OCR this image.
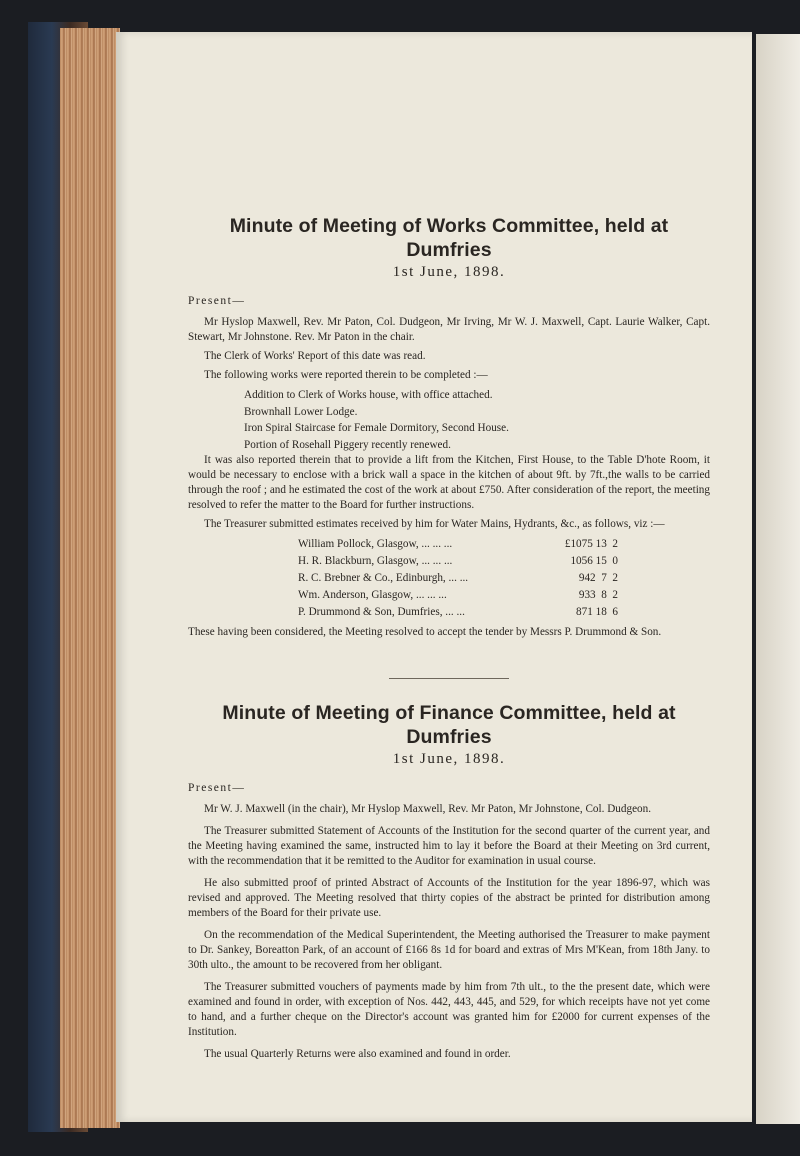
Minute of Meeting of Works Committee, held at Dumfries
1st June, 1898.
Present—

Mr Hyslop Maxwell, Rev. Mr Paton, Col. Dudgeon, Mr Irving, Mr W. J. Maxwell, Capt. Laurie Walker, Capt. Stewart, Mr Johnstone. Rev. Mr Paton in the chair.

The Clerk of Works' Report of this date was read.

The following works were reported therein to be completed :—

Addition to Clerk of Works house, with office attached.
Brownhall Lower Lodge.
Iron Spiral Staircase for Female Dormitory, Second House.
Portion of Rosehall Piggery recently renewed.

It was also reported therein that to provide a lift from the Kitchen, First House, to the Table D'hote Room, it would be necessary to enclose with a brick wall a space in the kitchen of about 9ft. by 7ft.,the walls to be carried through the roof ; and he estimated the cost of the work at about £750. After consideration of the report, the meeting resolved to refer the matter to the Board for further instructions.

The Treasurer submitted estimates received by him for Water Mains, Hydrants, &c., as follows, viz :—

William Pollock, Glasgow, ... ... ...	£1075 13  2
H. R. Blackburn, Glasgow, ... ... ...	1056 15  0
R. C. Brebner & Co., Edinburgh, ... ...	942  7  2
Wm. Anderson, Glasgow, ... ... ...	933  8  2
P. Drummond & Son, Dumfries, ... ...	871 18  6

These having been considered, the Meeting resolved to accept the tender by Messrs P. Drummond & Son.

Minute of Meeting of Finance Committee, held at Dumfries
1st June, 1898.
Present—

Mr W. J. Maxwell (in the chair), Mr Hyslop Maxwell, Rev. Mr Paton, Mr Johnstone, Col. Dudgeon.

The Treasurer submitted Statement of Accounts of the Institution for the second quarter of the current year, and the Meeting having examined the same, instructed him to lay it before the Board at their Meeting on 3rd current, with the recommendation that it be remitted to the Auditor for examination in usual course.

He also submitted proof of printed Abstract of Accounts of the Institution for the year 1896-97, which was revised and approved. The Meeting resolved that thirty copies of the abstract be printed for distribution among members of the Board for their private use.

On the recommendation of the Medical Superintendent, the Meeting authorised the Treasurer to make payment to Dr. Sankey, Boreatton Park, of an account of £166 8s 1d for board and extras of Mrs M'Kean, from 18th Jany. to 30th ulto., the amount to be recovered from her obligant.

The Treasurer submitted vouchers of payments made by him from 7th ult., to the the present date, which were examined and found in order, with exception of Nos. 442, 443, 445, and 529, for which receipts have not yet come to hand, and a further cheque on the Director's account was granted him for £2000 for current expenses of the Institution.

The usual Quarterly Returns were also examined and found in order.
